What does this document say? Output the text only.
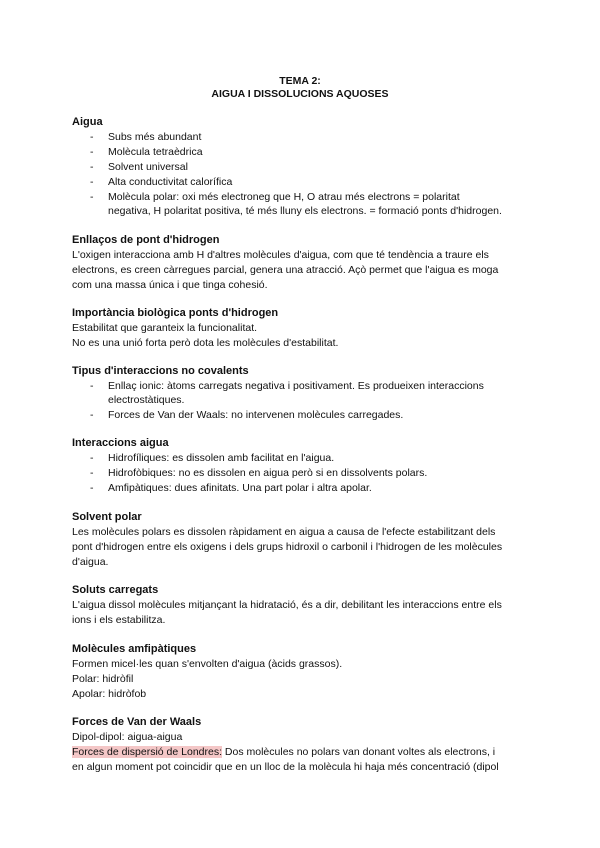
TEMA 2:
AIGUA I DISSOLUCIONS AQUOSES
Aigua
- Subs més abundant
- Molècula tetraèdrica
- Solvent universal
- Alta conductivitat calorífica
- Molècula polar: oxi més electroneg que H, O atrau més electrons = polaritat
negativa, H polaritat positiva, té més lluny els electrons. = formació ponts d'hidrogen.
Enllaços de pont d'hidrogen
L'oxigen interacciona amb H d'altres molècules d'aigua, com que té tendència a traure els
electrons, es creen càrregues parcial, genera una atracció. Açò permet que l'aigua es moga
com una massa única i que tinga cohesió.
Importància biològica ponts d'hidrogen
Estabilitat que garanteix la funcionalitat.
No es una unió forta però dota les molècules d'estabilitat.
Tipus d'interaccions no covalents
- Enllaç ionic: àtoms carregats negativa i positivament. Es produeixen interaccions
electrostàtiques.
- Forces de Van der Waals: no intervenen molècules carregades.
Interaccions aigua
- Hidrofíliques: es dissolen amb facilitat en l'aigua.
- Hidrofòbiques: no es dissolen en aigua però si en dissolvents polars.
- Amfipàtiques: dues afinitats. Una part polar i altra apolar.
Solvent polar
Les molècules polars es dissolen ràpidament en aigua a causa de l'efecte estabilitzant dels
pont d'hidrogen entre els oxigens i dels grups hidroxil o carbonil i l'hidrogen de les molècules
d'aigua.
Soluts carregats
L'aigua dissol molècules mitjançant la hidratació, és a dir, debilitant les interaccions entre els
ions i els estabilitza.
Molècules amfipàtiques
Formen micel·les quan s'envolten d'aigua (àcids grassos).
Polar: hidròfil
Apolar: hidròfob
Forces de Van der Waals
Dipol-dipol: aigua-aigua
Forces de dispersió de Londres: Dos molècules no polars van donant voltes als electrons, i
en algun moment pot coincidir que en un lloc de la molècula hi haja més concentració (dipol
